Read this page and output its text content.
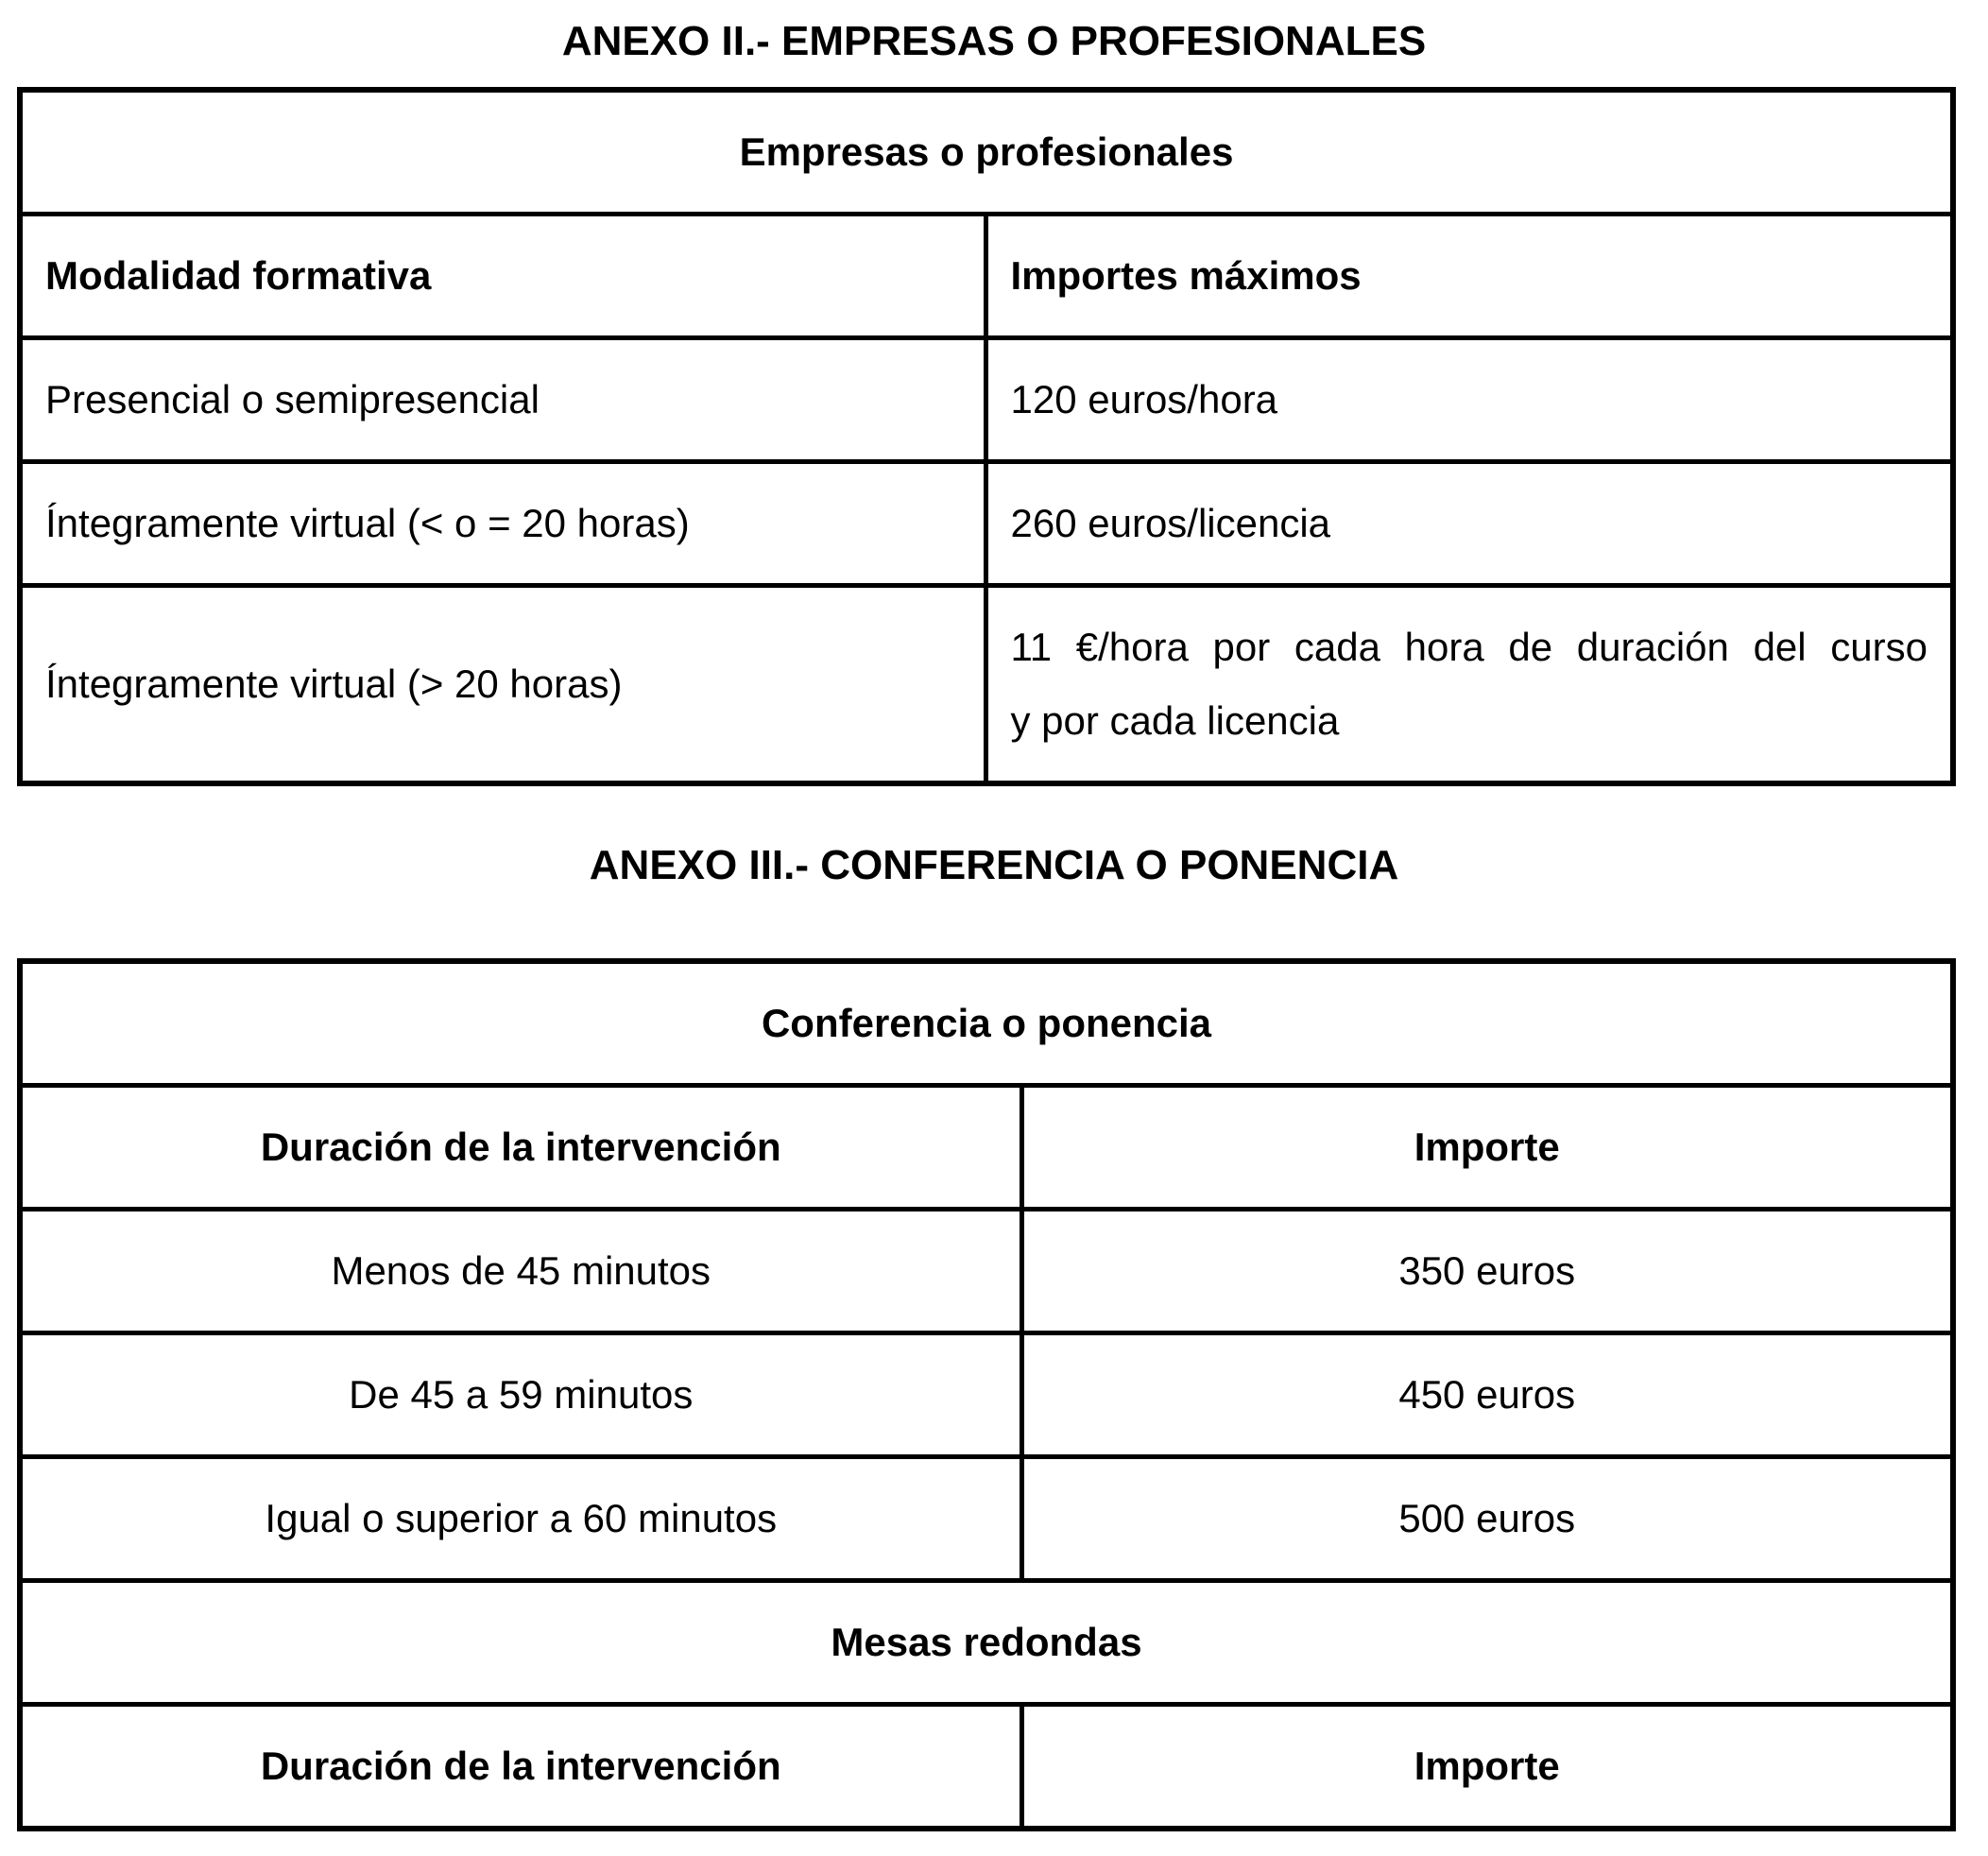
ANEXO II.- EMPRESAS O PROFESIONALES
Empresas o profesionales	
Modalidad formativa	Importes máximos
Presencial o semipresencial	120 euros/hora
Íntegramente virtual (< o = 20 horas)	260 euros/licencia
Íntegramente virtual (> 20 horas)	11 €/hora por cada hora de duración del curso
y por cada licencia
ANEXO III.- CONFERENCIA O PONENCIA
Conferencia o ponencia	
Duración de la intervención	Importe
Menos de 45 minutos	350 euros
De 45 a 59 minutos	450 euros
Igual o superior a 60 minutos	500 euros
Mesas redondas	
Duración de la intervención	Importe
